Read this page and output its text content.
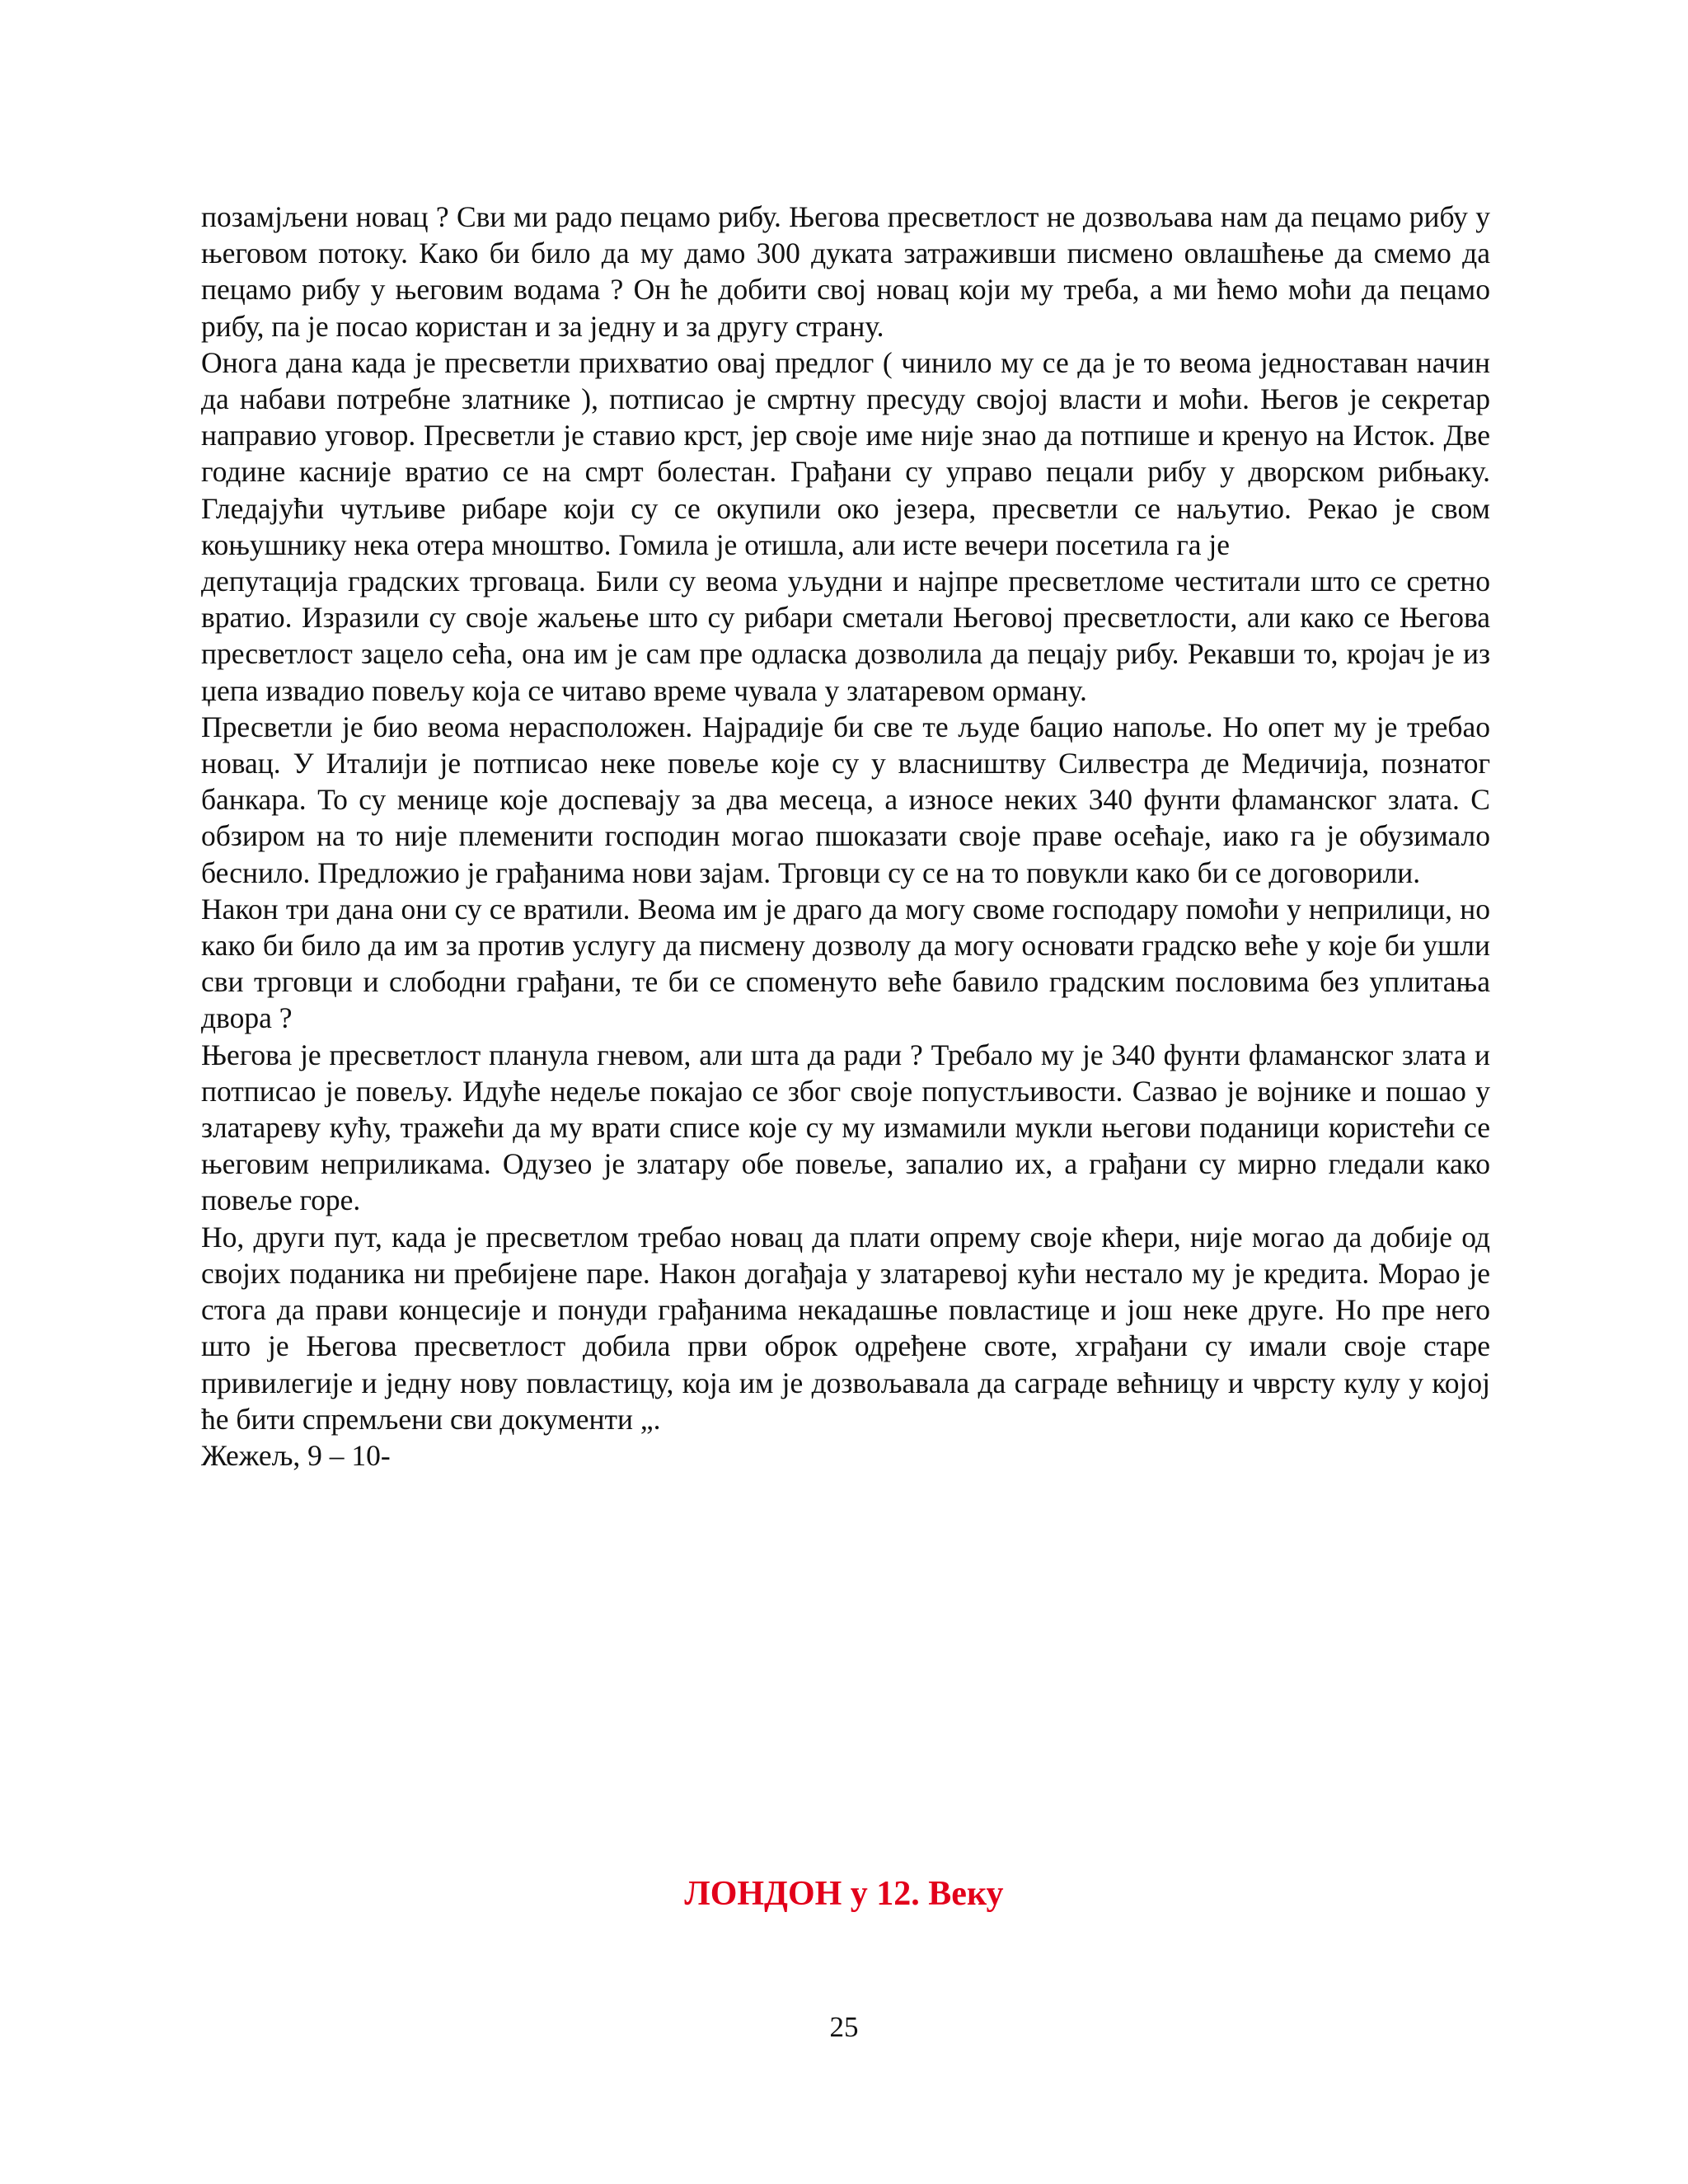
позамјљени новац ? Сви ми радо пецамо рибу. Његова пресветлост не дозвољава нам да пецамо рибу у његовом потоку. Како би било да му дамо 300 дуката затраживши писмено овлашћење да смемо да пецамо рибу у његовим водама ? Он ће добити свој новац који му треба, а ми ћемо моћи да пецамо рибу, па је посао користан и за једну и за другу страну.

Онога дана када је пресветли прихватио овај предлог ( чинило му се да је то веома једноставан начин да набави потребне златнике ), потписао је смртну пресуду својој власти и моћи. Његов је секретар направио уговор. Пресветли је ставио крст, јер своје име није знао да потпише и кренуо на Исток. Две године касније вратио се на смрт болестан. Грађани су управо пецали рибу у дворском рибњаку. Гледајући чутљиве рибаре који су се окупили око језера, пресветли се наљутио. Рекао је свом коњушнику нека отера мноштво. Гомила је отишла, али исте вечери посетила га је

депутација градских трговаца. Били су веома уљудни и најпре пресветломе честитали што се сретно вратио. Изразили су своје жаљење што су рибари сметали Његовој пресветлости, али како се Његова пресветлост зацело сећа, она им је сам пре одласка дозволила да пецају рибу. Рекавши то, кројач је из џепа извадио повељу која се читаво време чувала у златаревом орману.

Пресветли је био веома нерасположен. Најрадије би све те људе бацио напоље. Но опет му је требао новац. У Италији је потписао неке повеље које су у власништву Силвестра де Медичија, познатог банкара. То су менице које доспевају за два месеца, а износе неких 340 фунти фламанског злата. С обзиром на то није племенити господин могао пшоказати своје праве осећаје, иако га је обузимало беснило. Предложио је грађанима нови зајам. Трговци су се на то повукли како би се договорили.

Након три дана они су се вратили. Веома им је драго да могу своме господару помоћи у неприлици, но како би било да им за против услугу да писмену дозволу да могу основати градско веће у које би ушли сви трговци и слободни грађани, те би се споменуто веће бавило градским пословима без уплитања двора ?

Његова је пресветлост планула гневом, али шта да ради ? Требало му је 340 фунти фламанског злата и потписао је повељу. Идуће недеље покајао се због своје попустљивости. Сазвао је војнике и пошао у златареву кућу, тражећи да му врати списе које су му измамили мукли његови поданици користећи се његовим неприликама. Одузео је златару обе повеље, запалио их, а грађани су мирно гледали како повеље горе.

Но, други пут, када је пресветлом требао новац да плати опрему своје кћери, није могао да добије од својих поданика ни пребијене паре. Након догађаја у златаревој кући нестало му је кредита. Морао је стога да прави концесије и понуди грађанима некадашње повластице и још неке друге. Но пре него што је Његова пресветлост добила први оброк одређене своте, хграђани су имали своје старе привилегије и једну нову повластицу, која им је дозвољавала да саграде већницу и чврсту кулу у којој ће бити спремљени сви документи „.

Жежељ, 9 – 10-

ЛОНДОН у 12. Веку
25
